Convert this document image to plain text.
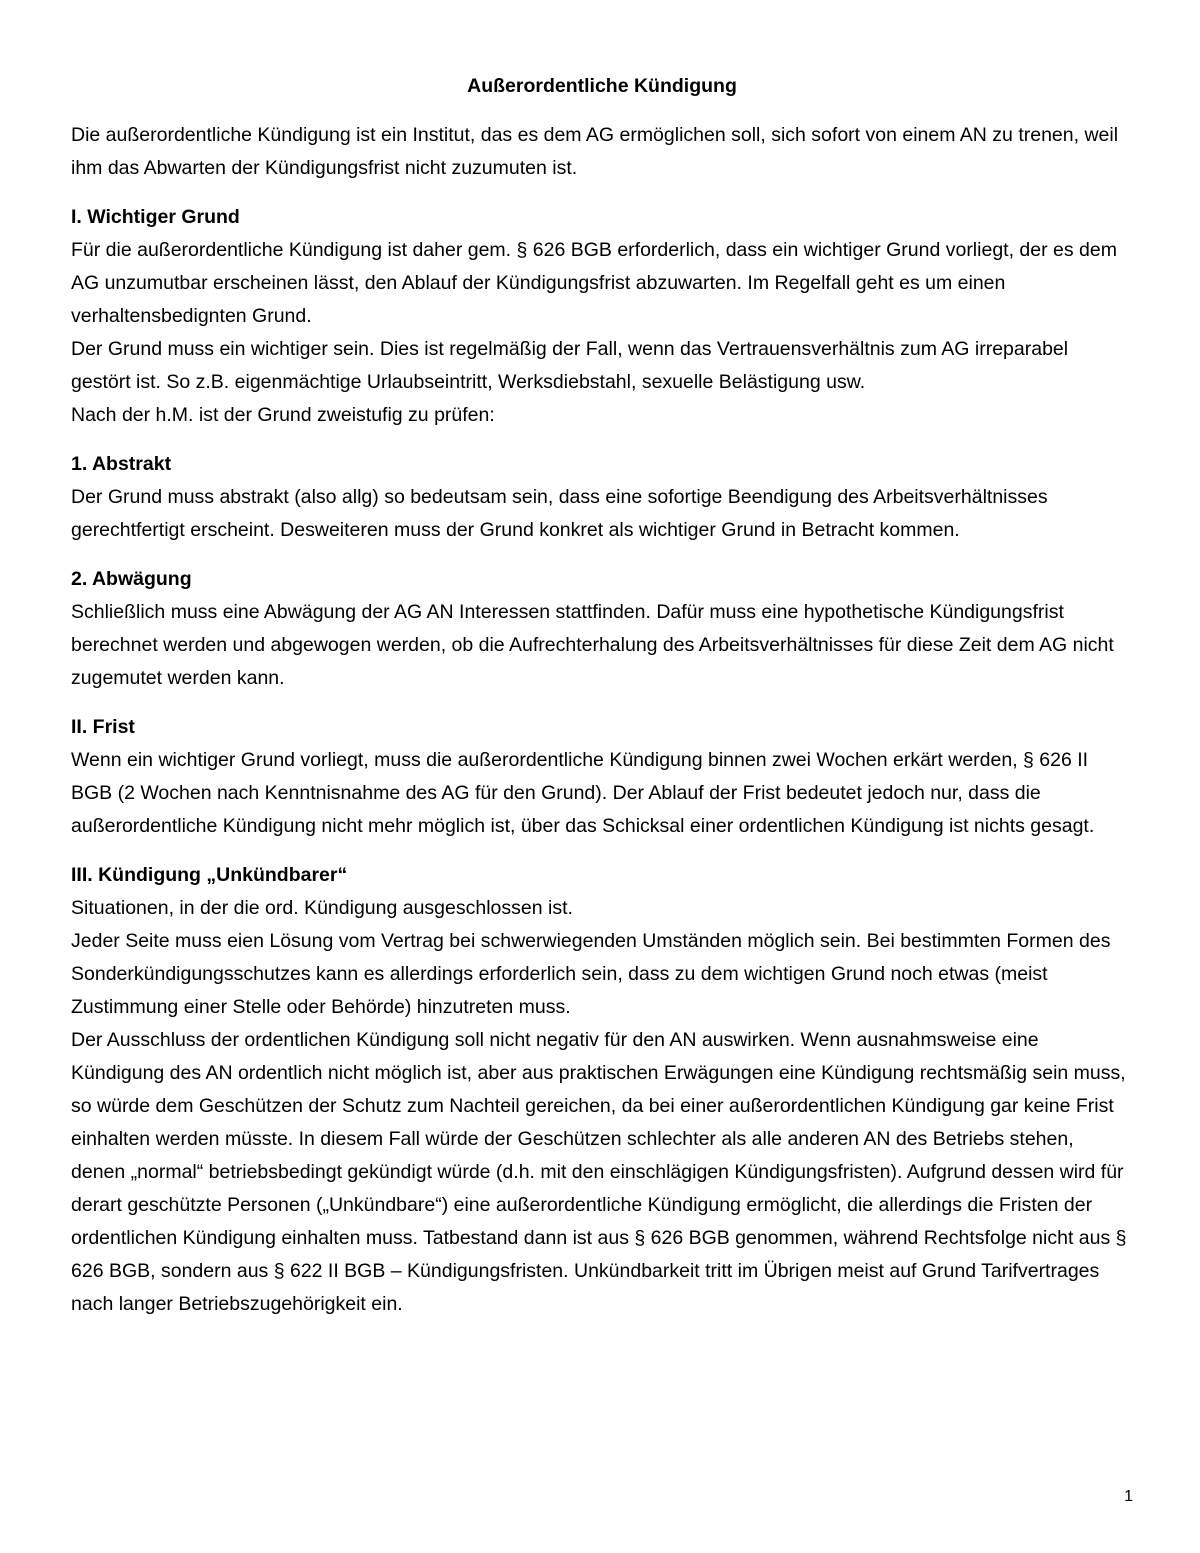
Außerordentliche Kündigung

Die außerordentliche Kündigung ist ein Institut, das es dem AG ermöglichen soll, sich sofort von einem AN zu trenen, weil ihm das Abwarten der Kündigungsfrist nicht zuzumuten ist.

I. Wichtiger Grund

Für die außerordentliche Kündigung ist daher gem. § 626 BGB erforderlich, dass ein wichtiger Grund vorliegt, der es dem AG unzumutbar erscheinen lässt, den Ablauf der Kündigungsfrist abzuwarten. Im Regelfall geht es um einen verhaltensbedignten Grund.

Der Grund muss ein wichtiger sein. Dies ist regelmäßig der Fall, wenn das Vertrauensverhältnis zum AG irreparabel gestört ist. So z.B. eigenmächtige Urlaubseintritt, Werksdiebstahl, sexuelle Belästigung usw.

Nach der h.M. ist der Grund zweistufig zu prüfen:

1. Abstrakt

Der Grund muss abstrakt (also allg) so bedeutsam sein, dass eine sofortige Beendigung des Arbeitsverhältnisses gerechtfertigt erscheint. Desweiteren muss der Grund konkret als wichtiger Grund in Betracht kommen.

2. Abwägung

Schließlich muss eine Abwägung der AG AN Interessen stattfinden. Dafür muss eine hypothetische Kündigungsfrist berechnet werden und abgewogen werden, ob die Aufrechterhalung des Arbeitsverhältnisses für diese Zeit dem AG nicht zugemutet werden kann.

II. Frist

Wenn ein wichtiger Grund vorliegt, muss die außerordentliche Kündigung binnen zwei Wochen erkärt werden, § 626 II BGB (2 Wochen nach Kenntnisnahme des AG für den Grund). Der Ablauf der Frist bedeutet jedoch nur, dass die außerordentliche Kündigung nicht mehr möglich ist, über das Schicksal einer ordentlichen Kündigung ist nichts gesagt.

III. Kündigung „Unkündbarer“

Situationen, in der die ord. Kündigung ausgeschlossen ist.

Jeder Seite muss eien Lösung vom Vertrag bei schwerwiegenden Umständen möglich sein. Bei bestimmten Formen des Sonderkündigungsschutzes kann es allerdings erforderlich sein, dass zu dem wichtigen Grund noch etwas (meist Zustimmung einer Stelle oder Behörde) hinzutreten muss.

Der Ausschluss der ordentlichen Kündigung soll nicht negativ für den AN auswirken. Wenn ausnahmsweise eine Kündigung des AN ordentlich nicht möglich ist, aber aus praktischen Erwägungen eine Kündigung rechtsmäßig sein muss, so würde dem Geschützen der Schutz zum Nachteil gereichen, da bei einer außerordentlichen Kündigung gar keine Frist einhalten werden müsste. In diesem Fall würde der Geschützen schlechter als alle anderen AN des Betriebs stehen, denen „normal“ betriebsbedingt gekündigt würde (d.h. mit den einschlägigen Kündigungsfristen). Aufgrund dessen wird für derart geschützte Personen („Unkündbare“) eine außerordentliche Kündigung ermöglicht, die allerdings die Fristen der ordentlichen Kündigung einhalten muss. Tatbestand dann ist aus § 626 BGB genommen, während Rechtsfolge nicht aus § 626 BGB, sondern aus § 622 II BGB – Kündigungsfristen. Unkündbarkeit tritt im Übrigen meist auf Grund Tarifvertrages nach langer Betriebszugehörigkeit ein.

1
